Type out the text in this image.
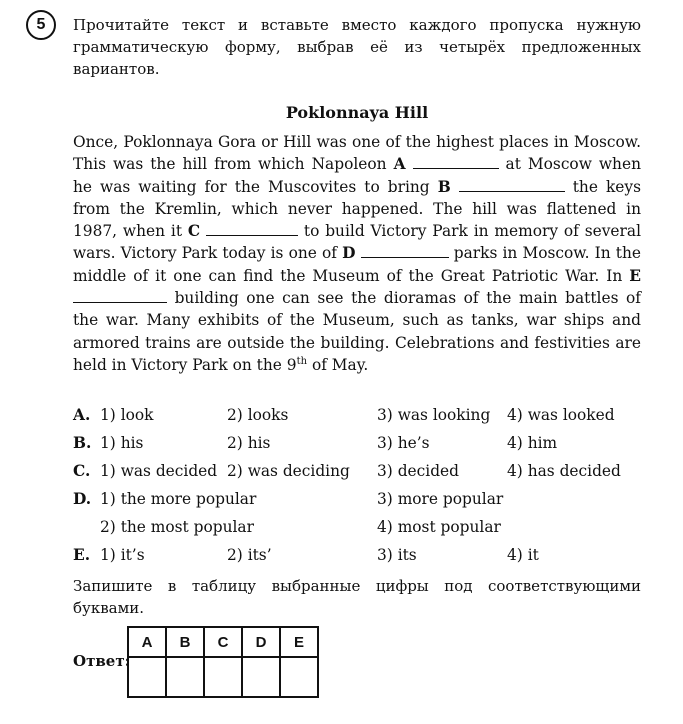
5	Прочитайте текст и вставьте вместо каждого пропуска нужную грамматическую форму, выбрав её из четырёх предложенных вариантов.
Poklonnaya Hill
Once, Poklonnaya Gora or Hill was one of the highest places in Moscow. This was the hill from which Napoleon A	at Moscow when he was waiting for the Muscovites to bring B	the keys from the Kremlin, which never happened. The hill was flattened in 1987, when it C	to build Victory Park in memory of several wars. Victory Park today is one of D	parks in Moscow. In the middle of it one can find the Museum of the Great Patriotic War. In E  building one can see the dioramas of the main battles of the war. Many exhibits of the Museum, such as tanks, war ships and armored trains are outside the building. Celebrations and festivities are held in Victory Park on the 9th of May.
A. 1) look	2) looks	3) was looking 4) was looked
B. 1) his	2) his	3) he’s	4) him
C. 1) was decided 2) was deciding 3) decided	4) has decided
D. 1) the more popular	3) more popular
2) the most popular	4) most popular
E. 1) it’s	2) its’	3) its	4) it
Запишите в таблицу выбранные цифры под соответствующими буквами.
Ответ:
A	B	C	D	E
